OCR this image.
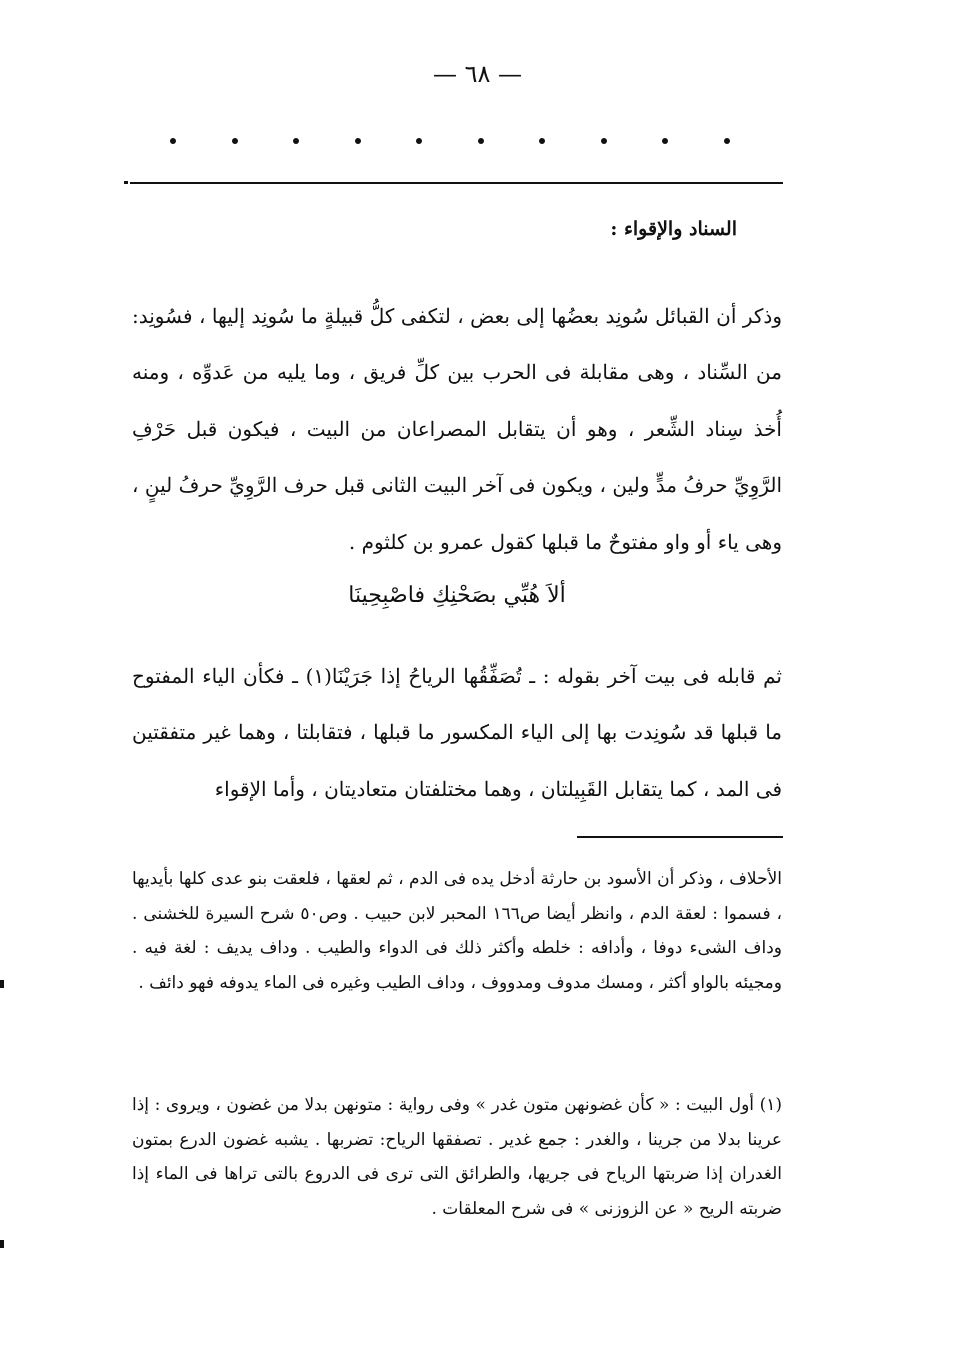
— ٦٨ —
السناد والإقواء :

وذكر أن القبائل سُونِد بعضُها إلى بعض ، لتكفى كلُّ قبيلةٍ ما سُونِد إليها ، فسُونِد: من السِّناد ، وهى مقابلة فى الحرب بين كلِّ فريق ، وما يليه من عَدوِّه ، ومنه أُخذ سِناد الشِّعر ، وهو أن يتقابل المصراعان من البيت ، فيكون قبل حَرْفِ الرَّوِيِّ حرفُ مدٍّ ولين ، ويكون فى آخر البيت الثانى قبل حرف الرَّوِيِّ حرفُ لينٍ ، وهى ياء أو واو مفتوحٌ ما قبلها كقول عمرو بن كلثوم .

ألاَ هُبِّي بصَحْنِكِ فاصْبِحِينَا

ثم قابله فى بيت آخر بقوله : ـ تُصَفِّقُها الرياحُ إذا جَرَيْنَا(١) ـ فكأن الياء المفتوح ما قبلها قد سُونِدت بها إلى الياء المكسور ما قبلها ، فتقابلتا ، وهما غير متفقتين فى المد ، كما يتقابل القَبِيلتان ، وهما مختلفتان متعاديتان ، وأما الإقواء

الأحلاف ، وذكر أن الأسود بن حارثة أدخل يده فى الدم ، ثم لعقها ، فلعقت بنو عدى كلها بأيديها ، فسموا : لعقة الدم ، وانظر أيضا ص١٦٦ المحبر لابن حبيب . وص٥٠ شرح السيرة للخشنى . وداف الشىء دوفا ، وأدافه : خلطه وأكثر ذلك فى الدواء والطيب . وداف يديف : لغة فيه . ومجيئه بالواو أكثر ، ومسك مدوف ومدووف ، وداف الطيب وغيره فى الماء يدوفه فهو دائف .

(١) أول البيت : « كأن غضونهن متون غدر » وفى رواية : متونهن بدلا من غضون ، ويروى : إذا عرينا بدلا من جرينا ، والغدر : جمع غدير . تصفقها الرياح: تضربها . يشبه غضون الدرع بمتون الغدران إذا ضربتها الرياح فى جريها، والطرائق التى ترى فى الدروع بالتى تراها فى الماء إذا ضربته الريح « عن الزوزنى » فى شرح المعلقات .
